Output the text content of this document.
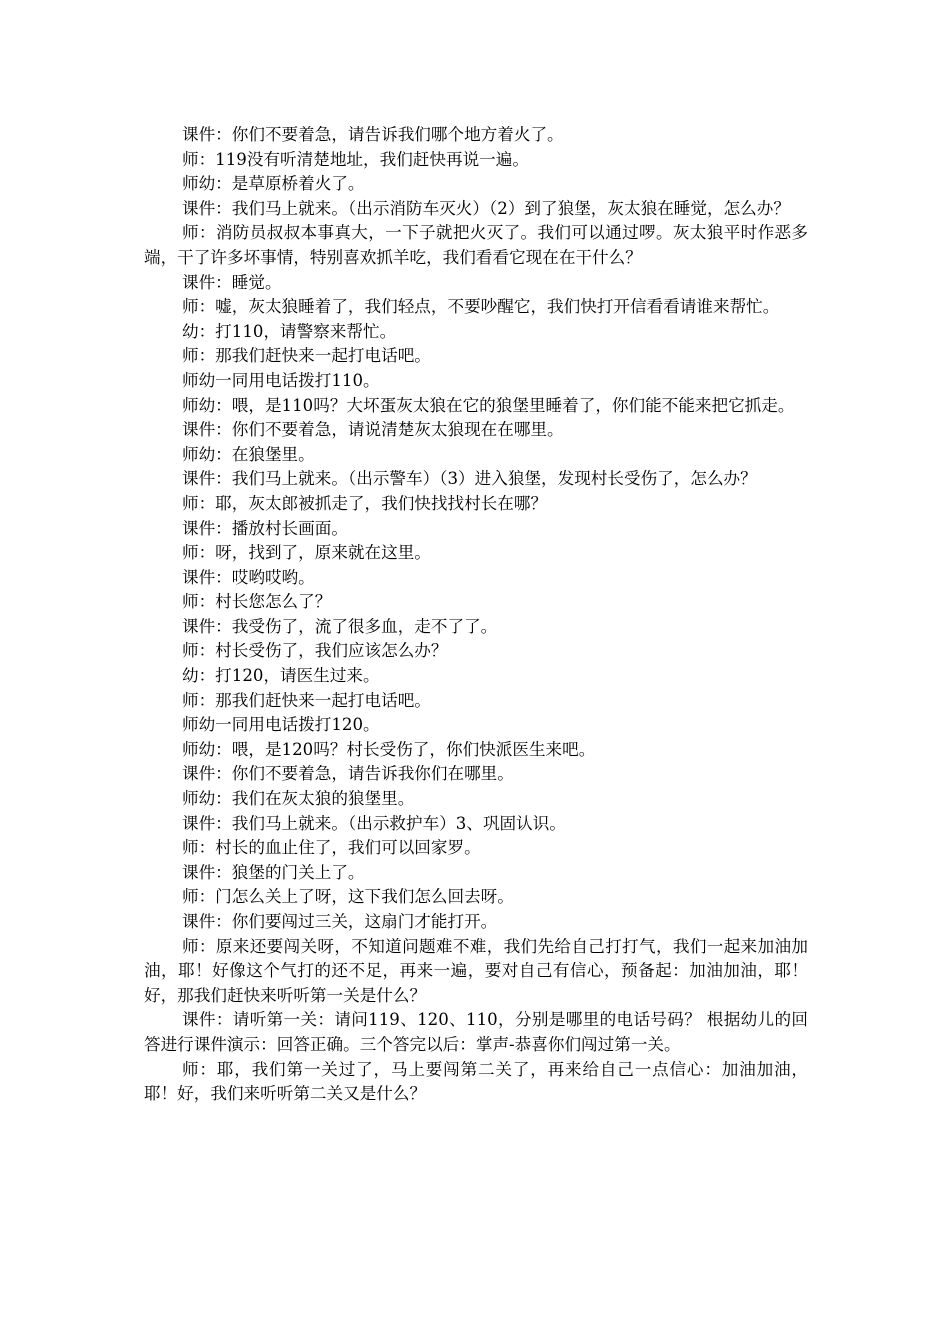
课件：你们不要着急，请告诉我们哪个地方着火了。

师：119没有听清楚地址，我们赶快再说一遍。

师幼：是草原桥着火了。

课件：我们马上就来。（出示消防车灭火）（2）到了狼堡，灰太狼在睡觉，怎么办？

师：消防员叔叔本事真大，一下子就把火灭了。我们可以通过啰。灰太狼平时作恶多端，干了许多坏事情，特别喜欢抓羊吃，我们看看它现在在干什么？

课件：睡觉。

师：嘘，灰太狼睡着了，我们轻点，不要吵醒它，我们快打开信看看请谁来帮忙。

幼：打110，请警察来帮忙。

师：那我们赶快来一起打电话吧。

师幼一同用电话拨打110。

师幼：喂，是110吗？大坏蛋灰太狼在它的狼堡里睡着了，你们能不能来把它抓走。

课件：你们不要着急，请说清楚灰太狼现在在哪里。

师幼：在狼堡里。

课件：我们马上就来。（出示警车）（3）进入狼堡，发现村长受伤了，怎么办？

师：耶，灰太郎被抓走了，我们快找找村长在哪？

课件：播放村长画面。

师：呀，找到了，原来就在这里。

课件：哎哟哎哟。

师：村长您怎么了？

课件：我受伤了，流了很多血，走不了了。

师：村长受伤了，我们应该怎么办？

幼：打120，请医生过来。

师：那我们赶快来一起打电话吧。

师幼一同用电话拨打120。

师幼：喂，是120吗？村长受伤了，你们快派医生来吧。

课件：你们不要着急，请告诉我你们在哪里。

师幼：我们在灰太狼的狼堡里。

课件：我们马上就来。（出示救护车）3、巩固认识。

师：村长的血止住了，我们可以回家罗。

课件：狼堡的门关上了。

师：门怎么关上了呀，这下我们怎么回去呀。

课件：你们要闯过三关，这扇门才能打开。

师：原来还要闯关呀，不知道问题难不难，我们先给自己打打气，我们一起来加油加油，耶！好像这个气打的还不足，再来一遍，要对自己有信心，预备起：加油加油，耶！好，那我们赶快来听听第一关是什么？

课件：请听第一关：请问119、120、110，分别是哪里的电话号码？ 根据幼儿的回答进行课件演示：回答正确。三个答完以后：掌声-恭喜你们闯过第一关。

师：耶，我们第一关过了，马上要闯第二关了，再来给自己一点信心：加油加油，耶！好，我们来听听第二关又是什么？
